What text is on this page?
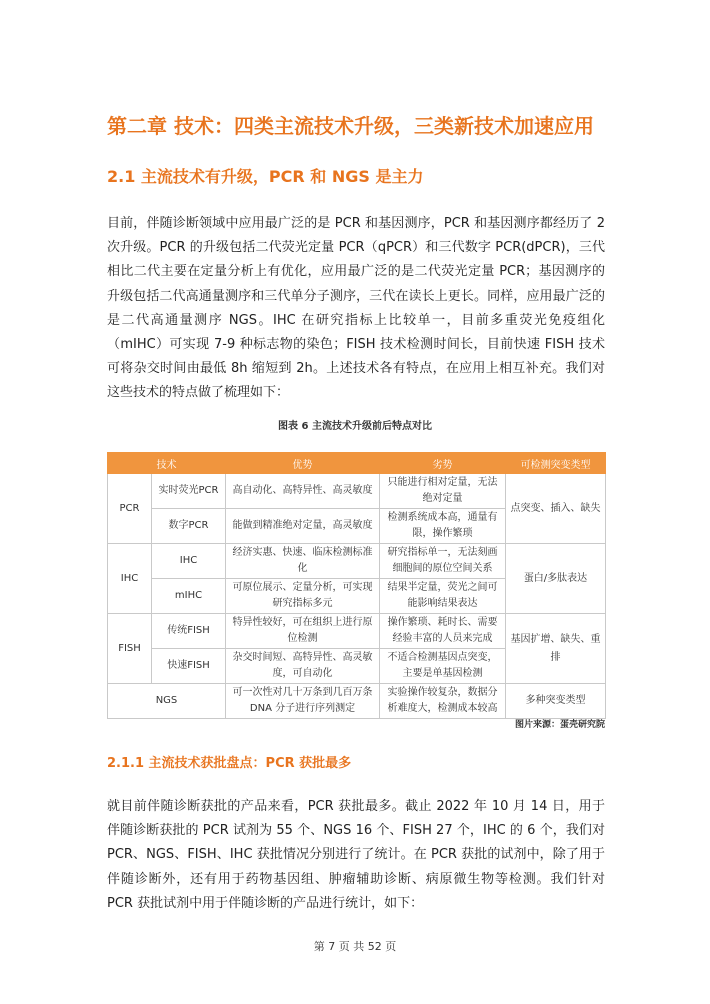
第二章 技术：四类主流技术升级，三类新技术加速应用
2.1 主流技术有升级，PCR 和 NGS 是主力
目前，伴随诊断领域中应用最广泛的是 PCR 和基因测序，PCR 和基因测序都经历了 2 次升级。PCR 的升级包括二代荧光定量 PCR（qPCR）和三代数字 PCR(dPCR)，三代相比二代主要在定量分析上有优化，应用最广泛的是二代荧光定量 PCR；基因测序的升级包括二代高通量测序和三代单分子测序，三代在读长上更长。同样，应用最广泛的是二代高通量测序 NGS。IHC 在研究指标上比较单一，目前多重荧光免疫组化（mIHC）可实现 7-9 种标志物的染色；FISH 技术检测时间长，目前快速 FISH 技术可将杂交时间由最低 8h 缩短到 2h。上述技术各有特点，在应用上相互补充。我们对这些技术的特点做了梳理如下：
图表 6 主流技术升级前后特点对比
技术		优势	劣势	可检测突变类型
PCR	实时荧光PCR	高自动化、高特异性、高灵敏度	只能进行相对定量，无法绝对定量	点突变、插入、缺失
	数字PCR	能做到精准绝对定量，高灵敏度	检测系统成本高，通量有限，操作繁琐	
IHC	IHC	经济实惠、快速、临床检测标准化	研究指标单一，无法刻画细胞间的原位空间关系	蛋白/多肽表达
	mIHC	可原位展示、定量分析，可实现研究指标多元	结果半定量，荧光之间可能影响结果表达	
FISH	传统FISH	特异性较好，可在组织上进行原位检测	操作繁琐、耗时长、需要经验丰富的人员来完成	基因扩增、缺失、重排
	快速FISH	杂交时间短、高特异性、高灵敏度，可自动化	不适合检测基因点突变，主要是单基因检测	
NGS		可一次性对几十万条到几百万条DNA 分子进行序列测定	实验操作较复杂，数据分析难度大，检测成本较高	多种突变类型
图片来源：蛋壳研究院
2.1.1 主流技术获批盘点：PCR 获批最多
就目前伴随诊断获批的产品来看，PCR 获批最多。截止 2022 年 10 月 14 日，用于伴随诊断获批的 PCR 试剂为 55 个、NGS 16 个、FISH 27 个，IHC 的 6 个，我们对 PCR、NGS、FISH、IHC 获批情况分别进行了统计。在 PCR 获批的试剂中，除了用于伴随诊断外，还有用于药物基因组、肿瘤辅助诊断、病原微生物等检测。我们针对 PCR 获批试剂中用于伴随诊断的产品进行统计，如下：
第 7 页 共 52 页
